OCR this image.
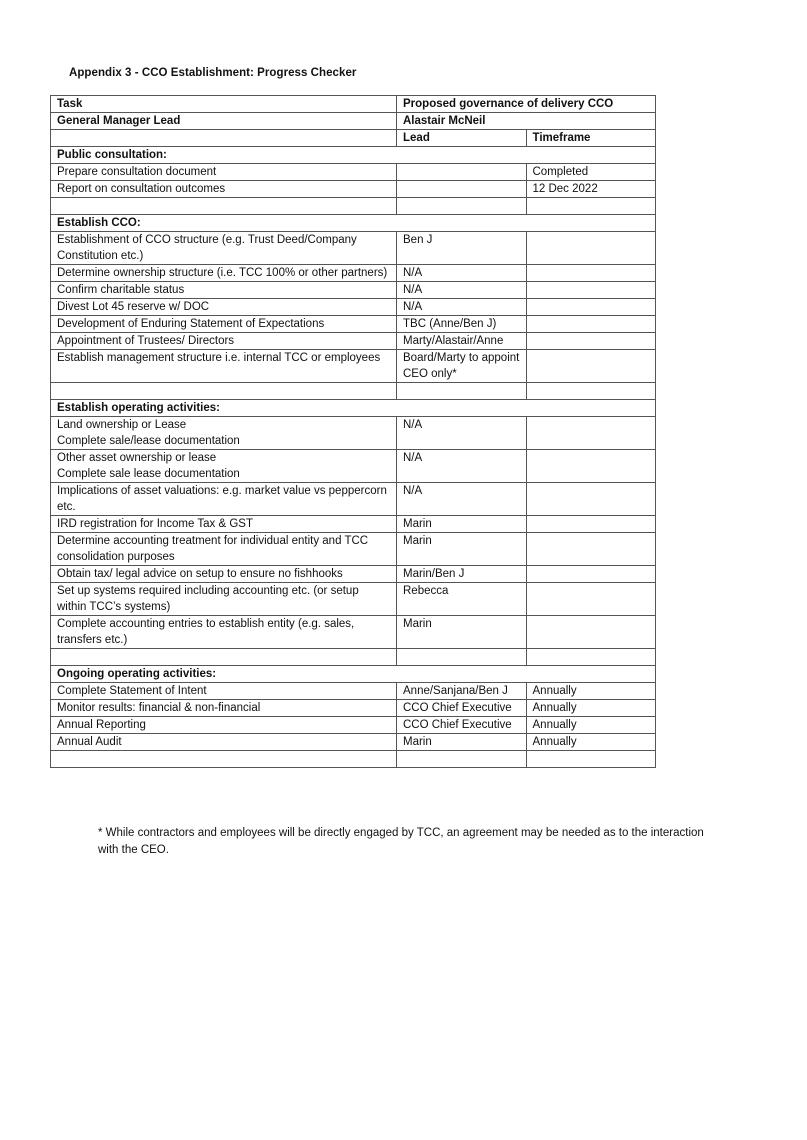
Appendix 3 - CCO Establishment: Progress Checker
Task	Proposed governance of delivery CCO	
General Manager Lead	Alastair McNeil	
	Lead	Timeframe
Public consultation:		
Prepare consultation document		Completed
Report on consultation outcomes		12 Dec 2022

Establish CCO:		
Establishment of CCO structure (e.g. Trust Deed/Company Constitution etc.)	Ben J	
Determine ownership structure (i.e. TCC 100% or other partners)	N/A	
Confirm charitable status	N/A	
Divest Lot 45 reserve w/ DOC	N/A	
Development of Enduring Statement of Expectations	TBC (Anne/Ben J)	
Appointment of Trustees/ Directors	Marty/Alastair/Anne	
Establish management structure i.e. internal TCC or employees	Board/Marty to appoint CEO only*	

Establish operating activities:		

Land ownership or Lease
Complete sale/lease documentation	N/A	

Other asset ownership or lease
Complete sale lease documentation	N/A	
Implications of asset valuations: e.g. market value vs peppercorn etc.	N/A	
IRD registration for Income Tax & GST	Marin	
Determine accounting treatment for individual entity and TCC consolidation purposes	Marin	
Obtain tax/ legal advice on setup to ensure no fishhooks	Marin/Ben J	
Set up systems required including accounting etc. (or setup within TCC’s systems)	Rebecca	
Complete accounting entries to establish entity (e.g. sales, transfers etc.)	Marin	

Ongoing operating activities:		
Complete Statement of Intent	Anne/Sanjana/Ben J	Annually
Monitor results: financial & non-financial	CCO Chief Executive	Annually
Annual Reporting	CCO Chief Executive	Annually
Annual Audit	Marin	Annually

* While contractors and employees will be directly engaged by TCC, an agreement may be needed as to the interaction with the CEO.
